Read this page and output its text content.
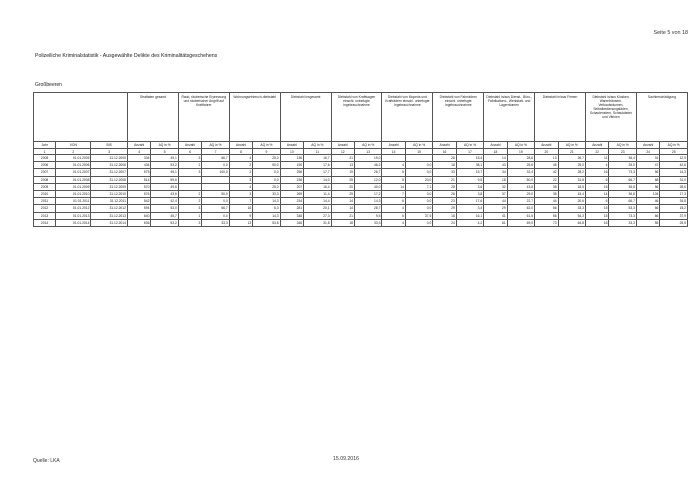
Seite 5 von 18
Polizeiliche Kriminalstatistik - Ausgewählte Delikte des Kriminalitätsgeschehens
Großbeeren
			Straftaten gesamt		Raub, räuberische Erpressung und räuberischer Angriff auf Kraftfahrer		Wohnungseinbruch-diebstahl		Diebstahl insgesamt		Diebstahl von Kraftwagen einschl. unbefugte Ingebrauchnahme		Diebstahl von Mopeds und Krafträdern einschl. unbefugte Ingebrauchnahme		Diebstahl von Fahrrädern einschl. unbefugte Ingebrauchnahme		Diebstahl in/aus Dienst-, Büro-, Fabrikations-, Werkstatt- und Lagerräumen		Diebstahl in/aus Firmen		Diebstahl in/aus Kiosken, Warenhäusern, Verkaufsräumen, Selbstbedienungsläden, Schaufenstern, Schaukästen und Vitrinen		Sachbeschädigung	
Jahr	VON	BIS	Anzahl	AQ in %	Anzahl	AQ in %	Anzahl	AQ in %	Anzahl	AQ in %	Anzahl	AQ in %	Anzahl	AQ in %	Anzahl	AQ in %	Anzahl	AQ in %	Anzahl	AQ in %	Anzahl	AQ in %	Anzahl	AQ in %
1	2	3	4	5	6	7	8	9	10	11	12	13	14	15	16	17	18	19	20	21	22	23	24	25
2005	01.01.2005	31.12.2005	334	49,1	3	66,7	4	25,0	136	16,7	21	19,0			26	15,4	14	28,6	13	26,7	11	36,4	31	12,9
2006	01.01.2006	31.12.2006	434	53,2	2	0,0	2	50,0	190	17,6	13	46,2	4	0,0	18	38,1	43	25,6	45	25,0	4	25,0	47	42,6
2007	01.01.2007	31.12.2007	575	49,1	3	100,0	2	0,0	256	17,7	19	26,7	5	0,0	33	15,7	34	32,4	42	28,2	16	73,3	56	14,3
2008	01.01.2008	31.12.2008	514	59,6			3	0,0	236	14,0	25	12,0	5	20,0	21	9,5	18	50,0	22	31,8	6	66,7	68	31,0
2009	01.01.2009	31.12.2009	570	49,6			4	25,0	207	16,4	20	40,0	14	7,1	28	3,6	32	43,8	38	18,5	16	36,8	56	28,6
2010	01.01.2010	31.12.2010	576	43,6	2	50,0	3	33,3	269	11,4	29	17,2	7	0,0	26	3,8	37	29,0	38	15,4	14	36,8	104	17,3
2011	01.01.2011	31.12.2011	542	42,4	2	0,0	7	14,3	234	14,4	14	14,3	6	0,0	23	17,6	44	22,7	44	20,6	6	66,7	46	34,8
2012	01.01.2012	31.12.2012	594	53,0	3	66,7	16	6,3	281	20,1	14	28,7	4	0,0	29	3,4	29	62,0	66	33,3	15	53,3	66	15,2
2013	01.01.2013	31.12.2013	640	45,7	1	0,0	9	14,3	348	27,3	21	9,5	6	37,5	18	16,1	41	61,5	56	54,3	15	73,3	66	37,9
2014	01.01.2014	31.12.2014	636	53,2	3	33,3	13	53,8	346	31,8	18	33,3	4	0,0	24	4,2	61	69,0	73	64,8	16	33,3	55	25,5
Quelle: LKA	15.09.2016
